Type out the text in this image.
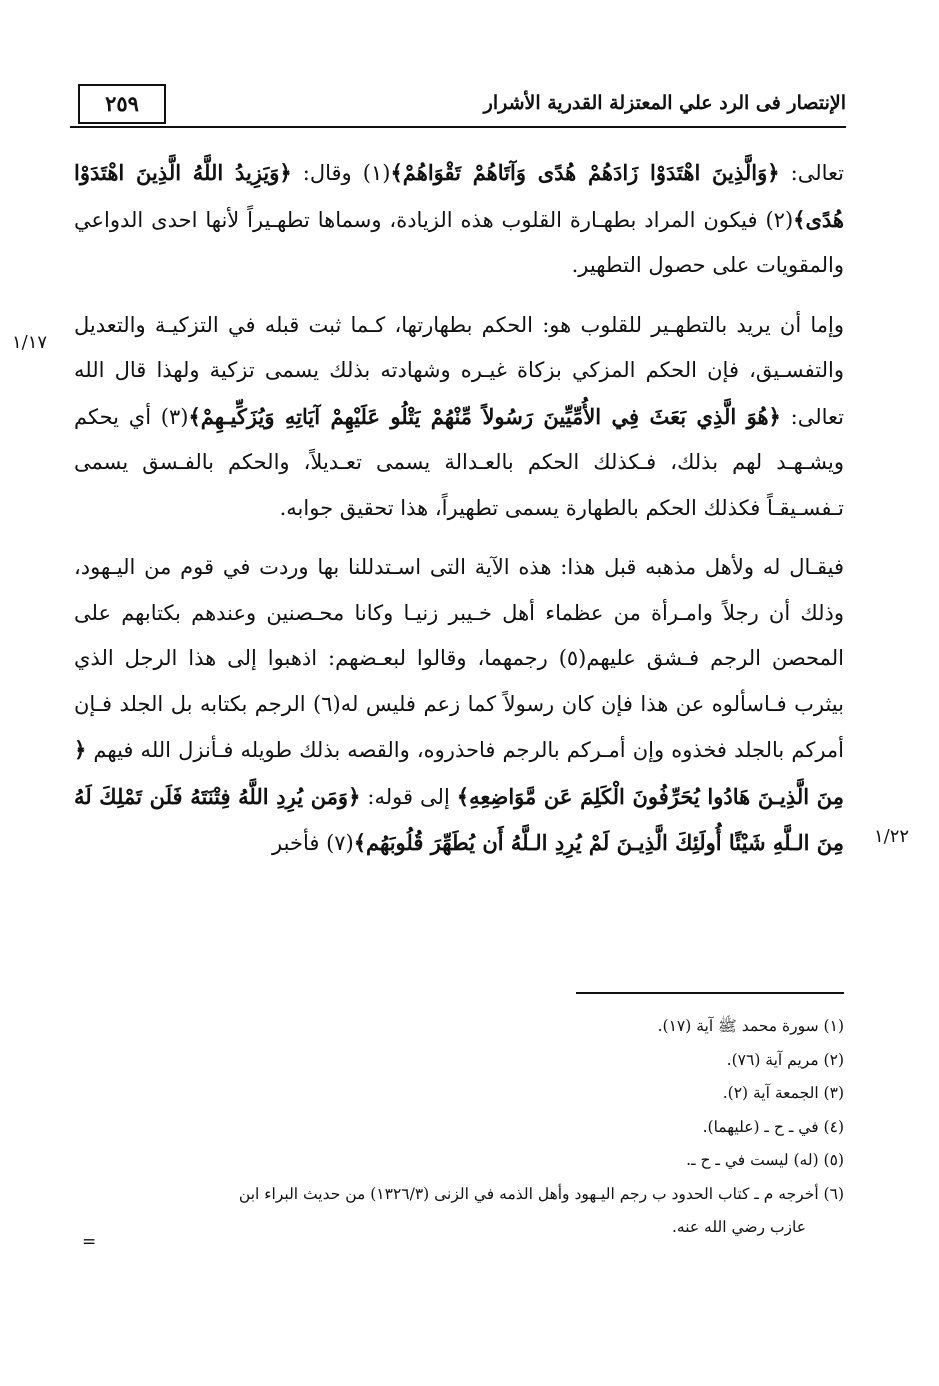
٢٥٩	الإنتصار فى الرد علي المعتزلة القدرية الأشرار
١/١٧
١/٢٢

تعالى: ﴿وَالَّذِينَ اهْتَدَوْا زَادَهُمْ هُدًى وَآتَاهُمْ تَقْوَاهُمْ﴾(١) وقال: ﴿وَيَزِيدُ اللَّهُ الَّذِينَ اهْتَدَوْا هُدًى﴾(٢) فيكون المراد بطهـارة القلوب هذه الزيادة، وسماها تطهـيراً لأنها احدى الدواعي والمقويات على حصول التطهير.

وإما أن يريد بالتطهـير للقلوب هو: الحكم بطهارتها، كـما ثبت قبله في التزكيـة والتعديل والتفسـيق، فإن الحكم المزكي بزكاة غيـره وشهادته بذلك يسمى تزكية ولهذا قال الله تعالى: ﴿هُوَ الَّذِي بَعَثَ فِي الأُمِّيِّينَ رَسُولاً مِّنْهُمْ يَتْلُو عَلَيْهِمْ آيَاتِهِ وَيُزَكِّيـهِمْ﴾(٣) أي يحكم ويشـهـد لهم بذلك، فـكذلك الحكم بالعـدالة يسمى تعـديلاً، والحكم بالفـسق يسمى تـفسـيقـاً فكذلك الحكم بالطهارة يسمى تطهيراً، هذا تحقيق جوابه.

فيقـال له ولأهل مذهبه قبل هذا: هذه الآية التى اسـتدللنا بها وردت في قوم من اليـهود، وذلك أن رجلاً وامـرأة من عظماء أهل خـيبر زنيـا وكانا محـصنين وعندهم بكتابهم على المحصن الرجم فـشق عليهم(٥) رجمهما، وقالوا لبعـضهم: اذهبوا إلى هذا الرجل الذي بيثرب فـاسألوه عن هذا فإن كان رسولاً كما زعم فليس له(٦) الرجم بكتابه بل الجلد فـإن أمركم بالجلد فخذوه وإن أمـركم بالرجم فاحذروه، والقصه بذلك طويله فـأنزل الله فيهم ﴿ مِنَ الَّذِيـنَ هَادُوا يُحَرِّفُونَ الْكَلِمَ عَن مَّوَاضِعِهِ﴾ إلى قوله: ﴿وَمَن يُرِدِ اللَّهُ فِتْنَتَهُ فَلَن تَمْلِكَ لَهُ مِنَ الـلَّهِ شَيْئًا أُولَئِكَ الَّذِيـنَ لَمْ يُرِدِ الـلَّهُ أَن يُطَهِّرَ قُلُوبَهُم﴾(٧) فأخبر

(١) سورة محمد ﷺ آية (١٧).

(٢) مريم آية (٧٦).

(٣) الجمعة آية (٢).

(٤) في ـ ح ـ (عليهما).

(٥) (له) ليست في ـ ح ـ.

(٦) أخرجه م ـ كتاب الحدود ب رجم اليـهود وأهل الذمه في الزنى (١٣٢٦/٣) من حديث البراء ابن

عازب رضي الله عنه.

=
